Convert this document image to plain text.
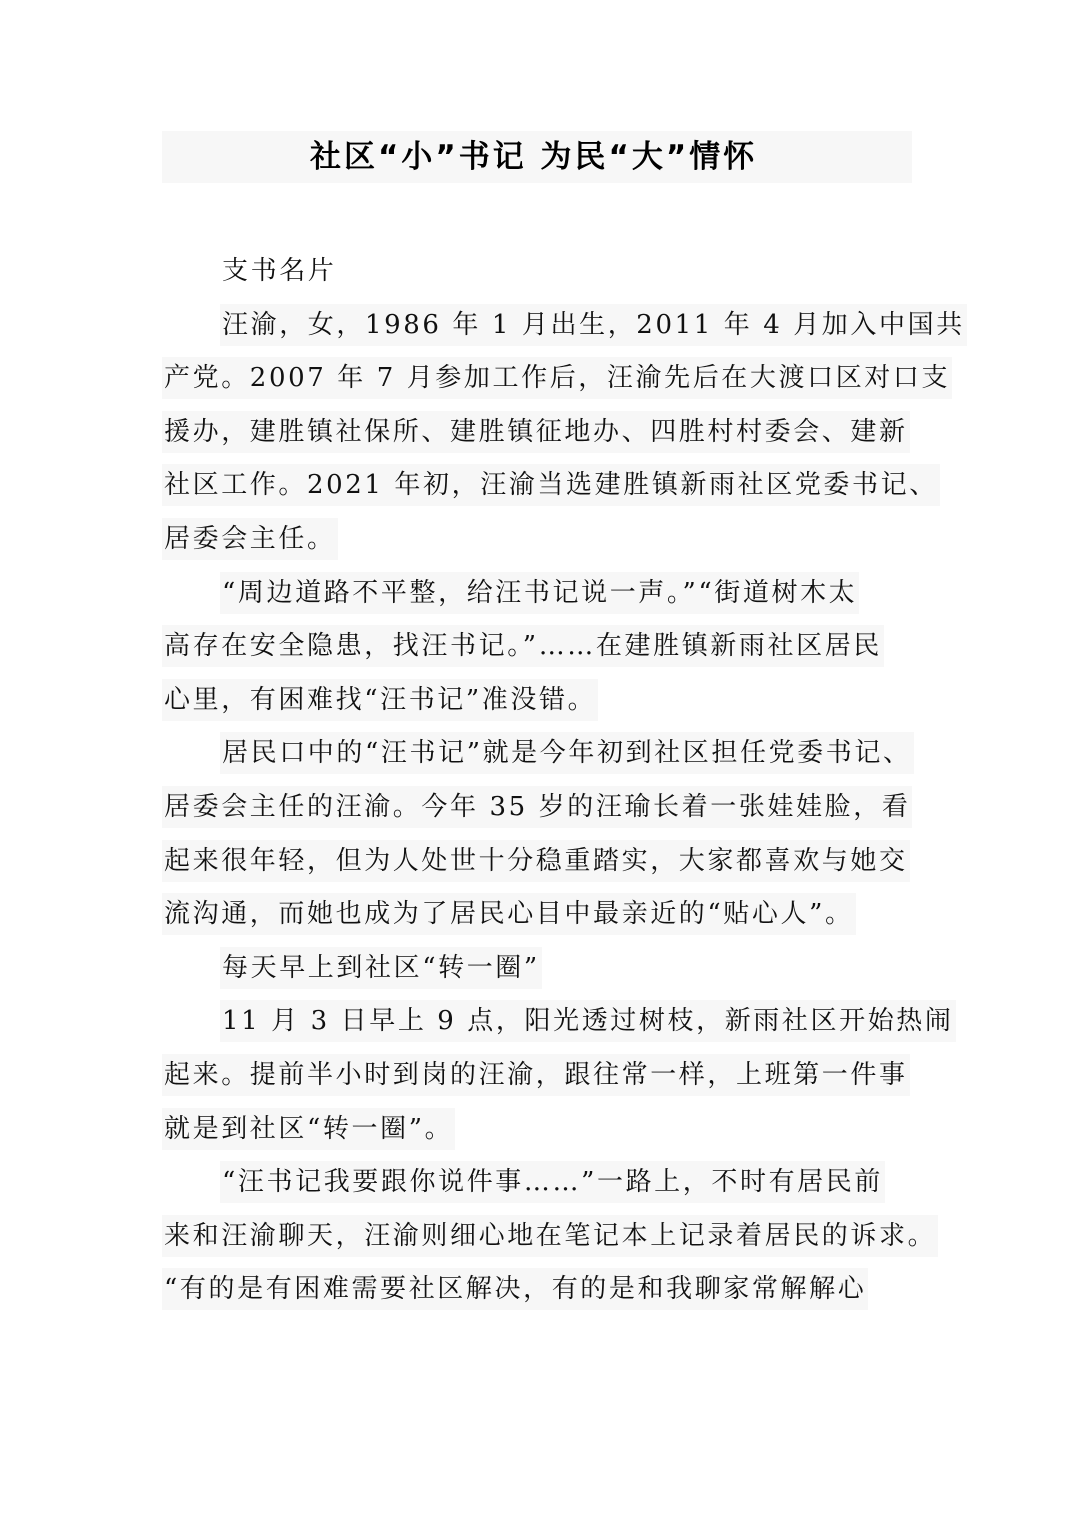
社区“小”书记 为民“大”情怀
支书名片
汪渝，女，1986 年 1 月出生，2011 年 4 月加入中国共
产党。2007 年 7 月参加工作后，汪渝先后在大渡口区对口支
援办，建胜镇社保所、建胜镇征地办、四胜村村委会、建新
社区工作。2021 年初，汪渝当选建胜镇新雨社区党委书记、
居委会主任。
“周边道路不平整，给汪书记说一声。”“街道树木太
高存在安全隐患，找汪书记。”……在建胜镇新雨社区居民
心里，有困难找“汪书记”准没错。
居民口中的“汪书记”就是今年初到社区担任党委书记、
居委会主任的汪渝。今年 35 岁的汪瑜长着一张娃娃脸，看
起来很年轻，但为人处世十分稳重踏实，大家都喜欢与她交
流沟通，而她也成为了居民心目中最亲近的“贴心人”。
每天早上到社区“转一圈”
11 月 3 日早上 9 点，阳光透过树枝，新雨社区开始热闹
起来。提前半小时到岗的汪渝，跟往常一样，上班第一件事
就是到社区“转一圈”。
“汪书记我要跟你说件事……”一路上，不时有居民前
来和汪渝聊天，汪渝则细心地在笔记本上记录着居民的诉求。
“有的是有困难需要社区解决，有的是和我聊家常解解心
